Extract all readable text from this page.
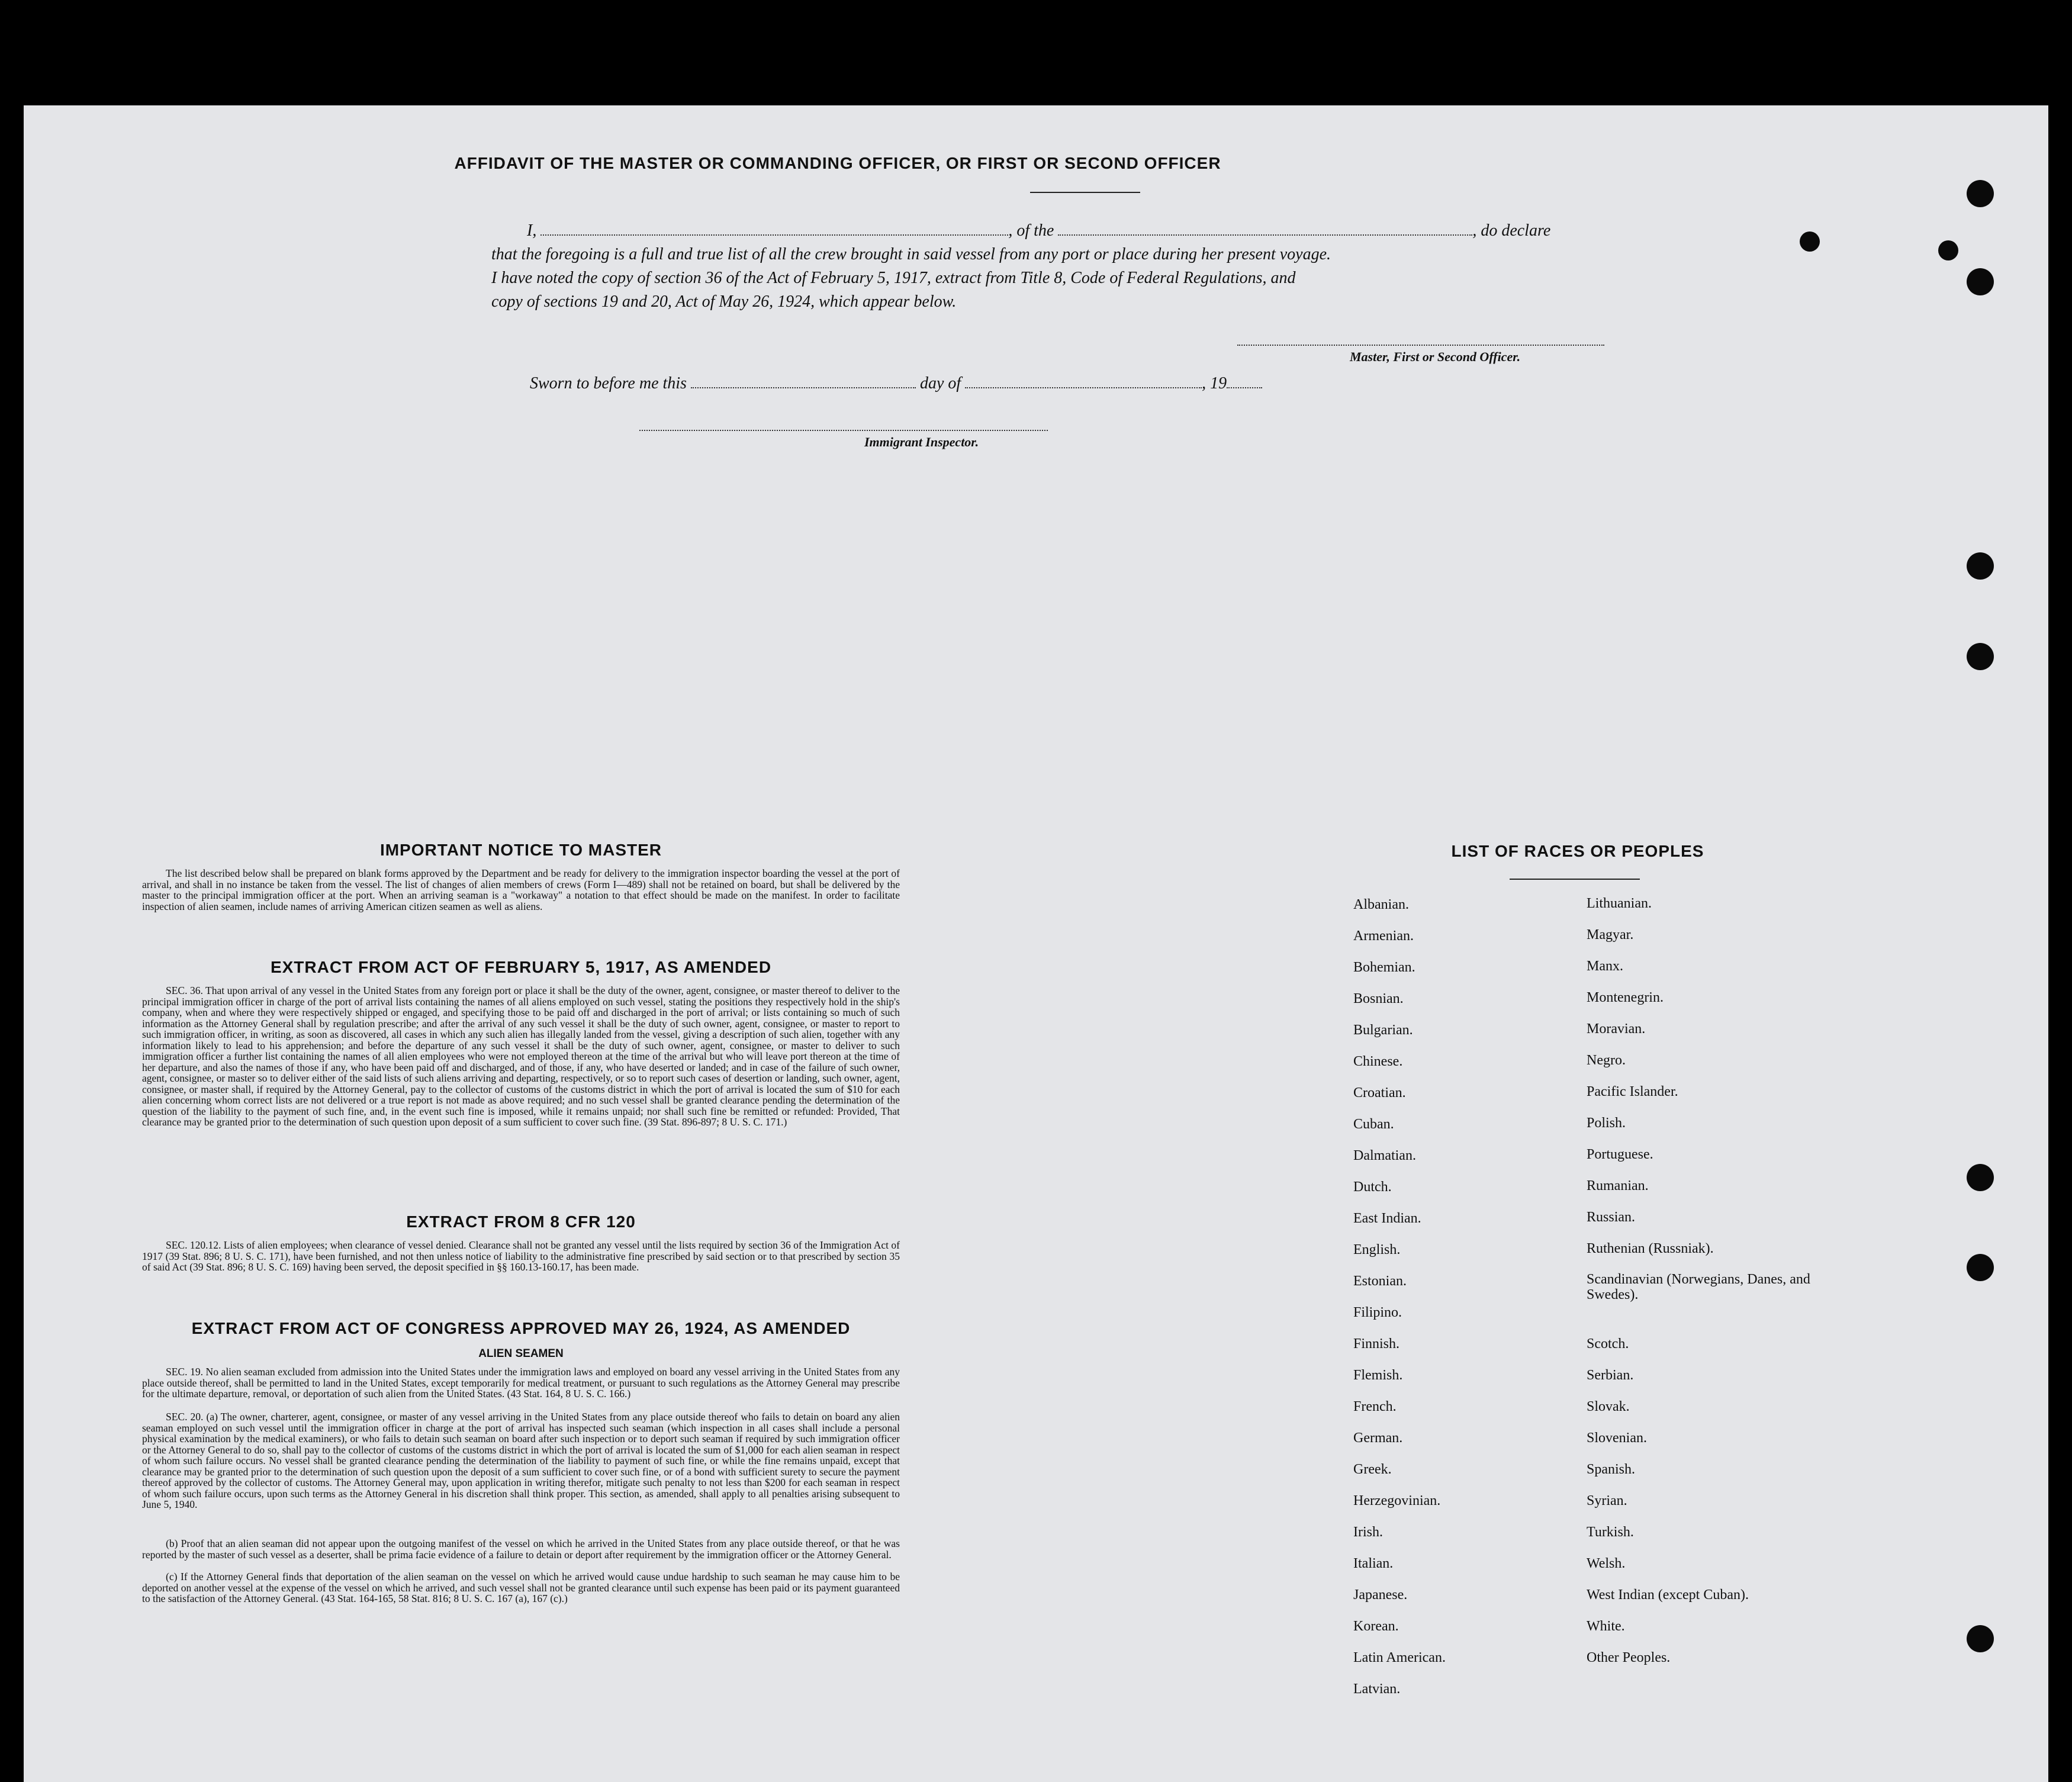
AFFIDAVIT OF THE MASTER OR COMMANDING OFFICER, OR FIRST OR SECOND OFFICER
I,	, of the	, do declare
that the foregoing is a full and true list of all the crew brought in said vessel from any port or place during her present voyage.
I have noted the copy of section 36 of the Act of February 5, 1917, extract from Title 8, Code of Federal Regulations, and
copy of sections 19 and 20, Act of May 26, 1924, which appear below.
Master, First or Second Officer.
Sworn to before me this	day of	, 19
Immigrant Inspector.
IMPORTANT NOTICE TO MASTER
The list described below shall be prepared on blank forms approved by the Department and be ready for delivery to the immigration inspector boarding the vessel at the port of arrival, and shall in no instance be taken from the vessel. The list of changes of alien members of crews (Form I—489) shall not be retained on board, but shall be delivered by the master to the principal immigration officer at the port. When an arriving seaman is a "workaway" a notation to that effect should be made on the manifest. In order to facilitate inspection of alien seamen, include names of arriving American citizen seamen as well as aliens.
EXTRACT FROM ACT OF FEBRUARY 5, 1917, AS AMENDED
SEC. 36. That upon arrival of any vessel in the United States from any foreign port or place it shall be the duty of the owner, agent, consignee, or master thereof to deliver to the principal immigration officer in charge of the port of arrival lists containing the names of all aliens employed on such vessel, stating the positions they respectively hold in the ship's company, when and where they were respectively shipped or engaged, and specifying those to be paid off and discharged in the port of arrival; or lists containing so much of such information as the Attorney General shall by regulation prescribe; and after the arrival of any such vessel it shall be the duty of such owner, agent, consignee, or master to report to such immigration officer, in writing, as soon as discovered, all cases in which any such alien has illegally landed from the vessel, giving a description of such alien, together with any information likely to lead to his apprehension; and before the departure of any such vessel it shall be the duty of such owner, agent, consignee, or master to deliver to such immigration officer a further list containing the names of all alien employees who were not employed thereon at the time of the arrival but who will leave port thereon at the time of her departure, and also the names of those if any, who have been paid off and discharged, and of those, if any, who have deserted or landed; and in case of the failure of such owner, agent, consignee, or master so to deliver either of the said lists of such aliens arriving and departing, respectively, or so to report such cases of desertion or landing, such owner, agent, consignee, or master shall, if required by the Attorney General, pay to the collector of customs of the customs district in which the port of arrival is located the sum of $10 for each alien concerning whom correct lists are not delivered or a true report is not made as above required; and no such vessel shall be granted clearance pending the determination of the question of the liability to the payment of such fine, and, in the event such fine is imposed, while it remains unpaid; nor shall such fine be remitted or refunded: Provided, That clearance may be granted prior to the determination of such question upon deposit of a sum sufficient to cover such fine. (39 Stat. 896-897; 8 U. S. C. 171.)
EXTRACT FROM 8 CFR 120
SEC. 120.12. Lists of alien employees; when clearance of vessel denied. Clearance shall not be granted any vessel until the lists required by section 36 of the Immigration Act of 1917 (39 Stat. 896; 8 U. S. C. 171), have been furnished, and not then unless notice of liability to the administrative fine prescribed by said section or to that prescribed by section 35 of said Act (39 Stat. 896; 8 U. S. C. 169) having been served, the deposit specified in §§ 160.13-160.17, has been made.
EXTRACT FROM ACT OF CONGRESS APPROVED MAY 26, 1924, AS AMENDED
ALIEN SEAMEN
SEC. 19. No alien seaman excluded from admission into the United States under the immigration laws and employed on board any vessel arriving in the United States from any place outside thereof, shall be permitted to land in the United States, except temporarily for medical treatment, or pursuant to such regulations as the Attorney General may prescribe for the ultimate departure, removal, or deportation of such alien from the United States. (43 Stat. 164, 8 U. S. C. 166.)
SEC. 20. (a) The owner, charterer, agent, consignee, or master of any vessel arriving in the United States from any place outside thereof who fails to detain on board any alien seaman employed on such vessel until the immigration officer in charge at the port of arrival has inspected such seaman (which inspection in all cases shall include a personal physical examination by the medical examiners), or who fails to detain such seaman on board after such inspection or to deport such seaman if required by such immigration officer or the Attorney General to do so, shall pay to the collector of customs of the customs district in which the port of arrival is located the sum of $1,000 for each alien seaman in respect of whom such failure occurs. No vessel shall be granted clearance pending the determination of the liability to payment of such fine, or while the fine remains unpaid, except that clearance may be granted prior to the determination of such question upon the deposit of a sum sufficient to cover such fine, or of a bond with sufficient surety to secure the payment thereof approved by the collector of customs. The Attorney General may, upon application in writing therefor, mitigate such penalty to not less than $200 for each seaman in respect of whom such failure occurs, upon such terms as the Attorney General in his discretion shall think proper. This section, as amended, shall apply to all penalties arising subsequent to June 5, 1940.
(b) Proof that an alien seaman did not appear upon the outgoing manifest of the vessel on which he arrived in the United States from any place outside thereof, or that he was reported by the master of such vessel as a deserter, shall be prima facie evidence of a failure to detain or deport after requirement by the immigration officer or the Attorney General.
(c) If the Attorney General finds that deportation of the alien seaman on the vessel on which he arrived would cause undue hardship to such seaman he may cause him to be deported on another vessel at the expense of the vessel on which he arrived, and such vessel shall not be granted clearance until such expense has been paid or its payment guaranteed to the satisfaction of the Attorney General. (43 Stat. 164-165, 58 Stat. 816; 8 U. S. C. 167 (a), 167 (c).)
LIST OF RACES OR PEOPLES
Albanian.
Armenian.
Bohemian.
Bosnian.
Bulgarian.
Chinese.
Croatian.
Cuban.
Dalmatian.
Dutch.
East Indian.
English.
Estonian.
Filipino.
Finnish.
Flemish.
French.
German.
Greek.
Herzegovinian.
Irish.
Italian.
Japanese.
Korean.
Latin American.
Latvian.
Lithuanian.
Magyar.
Manx.
Montenegrin.
Moravian.
Negro.
Pacific Islander.
Polish.
Portuguese.
Rumanian.
Russian.
Ruthenian (Russniak).
Scandinavian (Norwegians, Danes, and Swedes).
Scotch.
Serbian.
Slovak.
Slovenian.
Spanish.
Syrian.
Turkish.
Welsh.
West Indian (except Cuban).
White.
Other Peoples.
